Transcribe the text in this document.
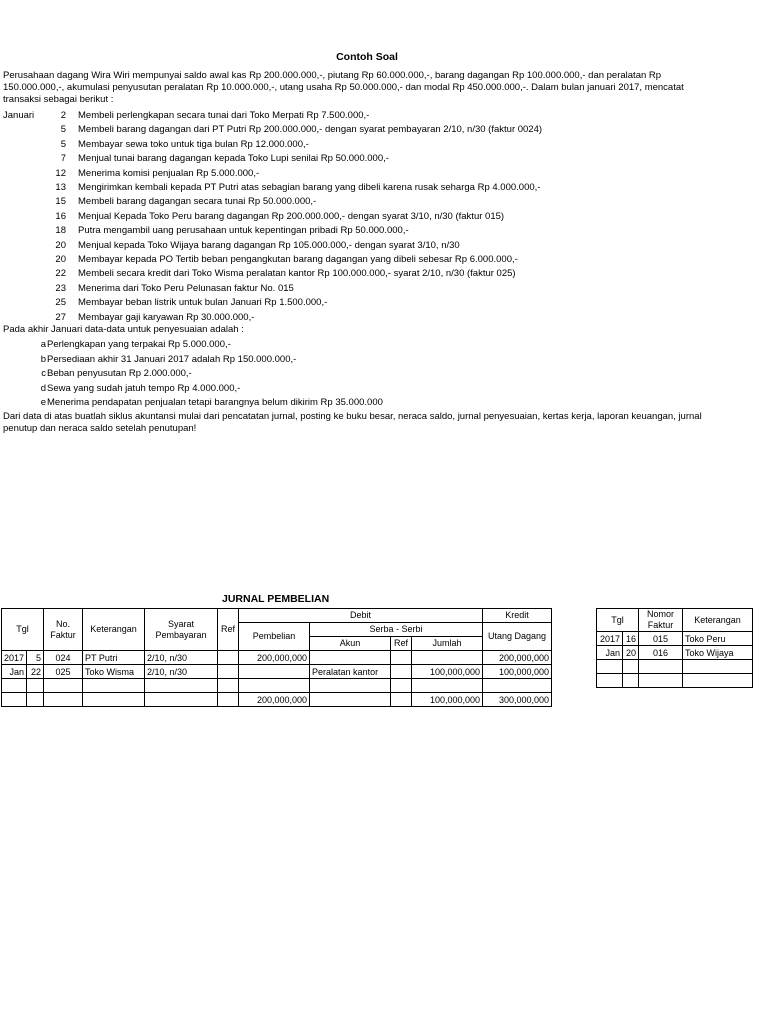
Contoh Soal
Perusahaan dagang Wira Wiri mempunyai saldo awal kas Rp 200.000.000,-, piutang Rp 60.000.000,-, barang dagangan Rp 100.000.000,- dan peralatan Rp 150.000.000,-, akumulasi penyusutan peralatan Rp 10.000.000,-, utang usaha Rp 50.000.000,- dan modal Rp 450.000.000,-. Dalam bulan januari 2017, mencatat transaksi sebagai berikut :
Januari	2 Membeli perlengkapan secara tunai dari Toko Merpati Rp 7.500.000,-
5 Membeli barang dagangan dari PT Putri Rp 200.000.000,- dengan syarat pembayaran 2/10, n/30 (faktur 0024)
5 Membayar sewa toko untuk tiga bulan Rp 12.000.000,-
7 Menjual tunai barang dagangan kepada Toko Lupi senilai Rp 50.000.000,-
12 Menerima komisi penjualan Rp 5.000.000,-
13 Mengirimkan kembali kepada PT Putri atas sebagian barang yang dibeli karena rusak seharga Rp 4.000.000,-
15 Membeli barang dagangan secara tunai Rp 50.000.000,-
16 Menjual Kepada Toko Peru barang dagangan Rp 200.000.000,- dengan syarat 3/10, n/30 (faktur 015)
18 Putra mengambil uang perusahaan untuk kepentingan pribadi Rp 50.000.000,-
20 Menjual kepada Toko Wijaya barang dagangan Rp 105.000.000,- dengan syarat 3/10, n/30
20 Membayar kepada PO Tertib beban pengangkutan barang dagangan yang dibeli sebesar Rp 6.000.000,-
22 Membeli secara kredit dari Toko Wisma peralatan kantor Rp 100.000.000,- syarat 2/10, n/30 (faktur 025)
23 Menerima dari Toko Peru Pelunasan faktur No. 015
25 Membayar beban listrik untuk bulan Januari Rp 1.500.000,-
27 Membayar gaji karyawan Rp 30.000.000,-
Pada akhir Januari data-data untuk penyesuaian adalah :
a Perlengkapan yang terpakai Rp 5.000.000,-
b Persediaan akhir 31 Januari 2017 adalah Rp 150.000.000,-
c Beban penyusutan Rp 2.000.000,-
d Sewa yang sudah jatuh tempo Rp 4.000.000,-
e Menerima pendapatan penjualan tetapi barangnya belum dikirim Rp 35.000.000
Dari data di atas buatlah siklus akuntansi mulai dari pencatatan jurnal, posting ke buku besar, neraca saldo, jurnal penyesuaian, kertas kerja, laporan keuangan, jurnal penutup dan neraca saldo setelah penutupan!
JURNAL PEMBELIAN
Tgl		No. Faktur	Keterangan	Syarat Pembayaran	Ref	Debit				Kredit
						Pembelian	Serba - Serbi			Utang Dagang
							Akun	Ref	Jumlah	
2017	5	024	PT Putri	2/10, n/30		200,000,000				200,000,000
Jan	22	025	Toko Wisma	2/10, n/30			Peralatan kantor		100,000,000	100,000,000

						200,000,000			100,000,000	300,000,000
Tgl		Nomor Faktur	Keterangan

2017	16	015	Toko Peru
Jan	20	016	Toko Wijaya
